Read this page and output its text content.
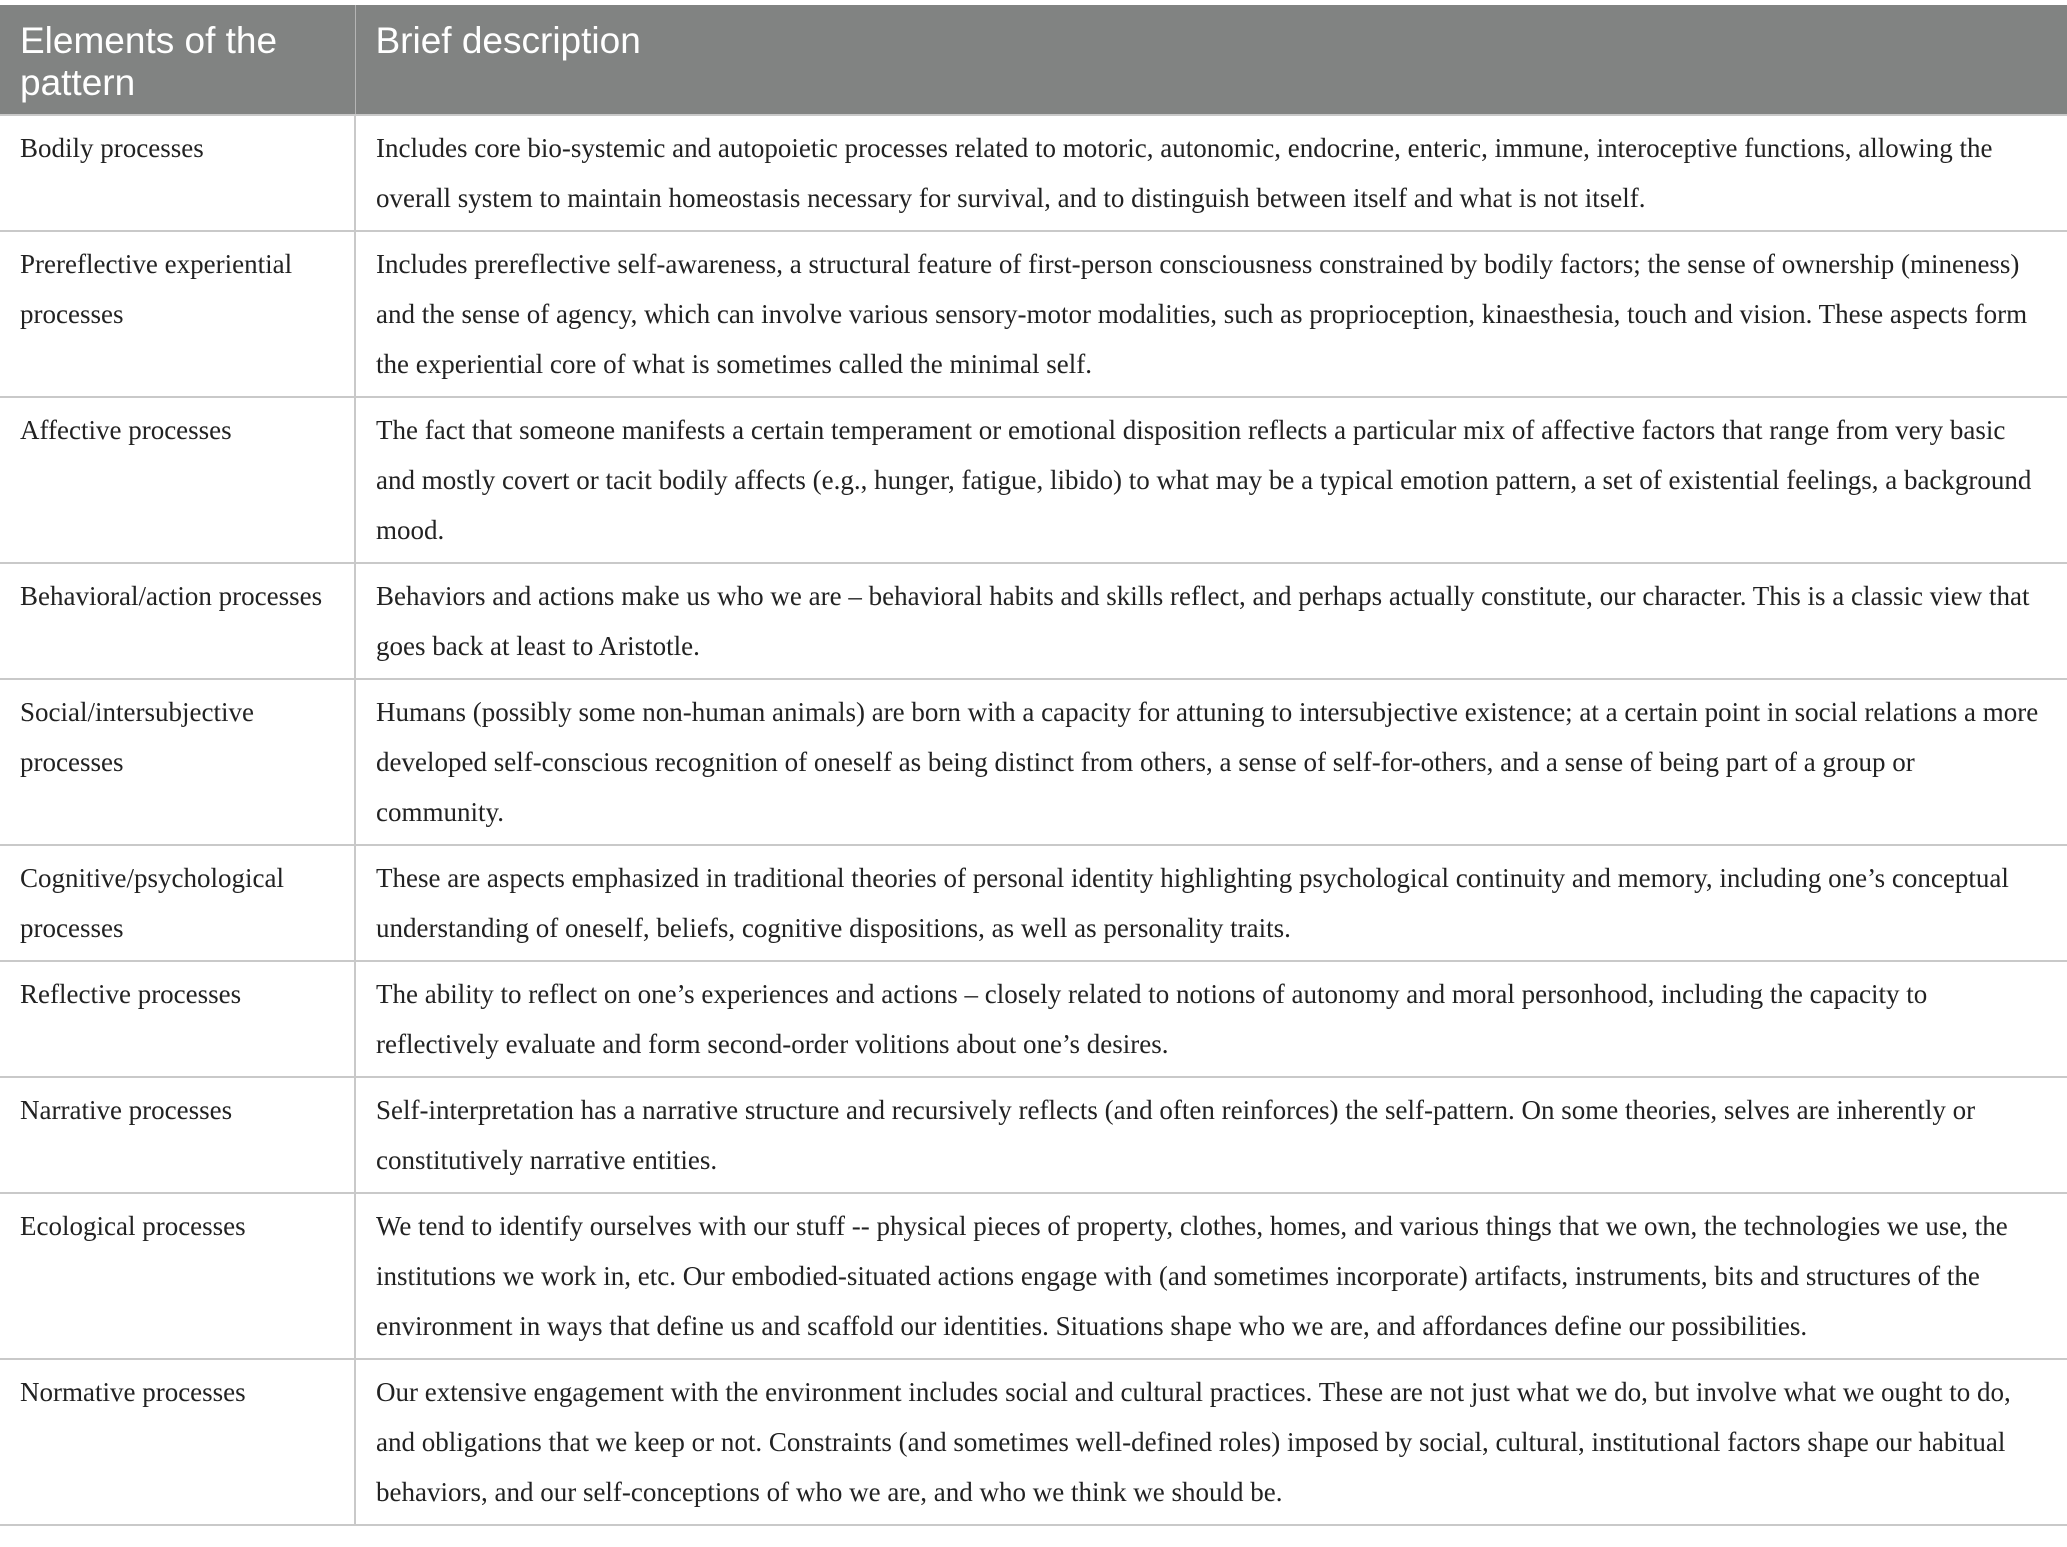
Elements of the pattern	Brief description
Bodily processes	Includes core bio-systemic and autopoietic processes related to motoric, autonomic, endocrine, enteric, immune, interoceptive functions, allowing the overall system to maintain homeostasis necessary for survival, and to distinguish between itself and what is not itself.
Prereflective experiential processes	Includes prereflective self-awareness, a structural feature of first-person consciousness constrained by bodily factors; the sense of ownership (mineness) and the sense of agency, which can involve various sensory-motor modalities, such as proprioception, kinaesthesia, touch and vision. These aspects form the experiential core of what is sometimes called the minimal self.
Affective processes	The fact that someone manifests a certain temperament or emotional disposition reflects a particular mix of affective factors that range from very basic and mostly covert or tacit bodily affects (e.g., hunger, fatigue, libido) to what may be a typical emotion pattern, a set of existential feelings, a background mood.
Behavioral/action processes	Behaviors and actions make us who we are – behavioral habits and skills reflect, and perhaps actually constitute, our character. This is a classic view that goes back at least to Aristotle.
Social/intersubjective processes	Humans (possibly some non-human animals) are born with a capacity for attuning to intersubjective existence; at a certain point in social relations a more developed self-conscious recognition of oneself as being distinct from others, a sense of self-for-others, and a sense of being part of a group or community.
Cognitive/psychological processes	These are aspects emphasized in traditional theories of personal identity highlighting psychological continuity and memory, including one’s conceptual understanding of oneself, beliefs, cognitive dispositions, as well as personality traits.
Reflective processes	The ability to reflect on one’s experiences and actions – closely related to notions of autonomy and moral personhood, including the capacity to reflectively evaluate and form second-order volitions about one’s desires.
Narrative processes	Self-interpretation has a narrative structure and recursively reflects (and often reinforces) the self-pattern. On some theories, selves are inherently or constitutively narrative entities.
Ecological processes	We tend to identify ourselves with our stuff -- physical pieces of property, clothes, homes, and various things that we own, the technologies we use, the institutions we work in, etc. Our embodied-situated actions engage with (and sometimes incorporate) artifacts, instruments, bits and structures of the environment in ways that define us and scaffold our identities. Situations shape who we are, and affordances define our possibilities.
Normative processes	Our extensive engagement with the environment includes social and cultural practices. These are not just what we do, but involve what we ought to do, and obligations that we keep or not. Constraints (and sometimes well-defined roles) imposed by social, cultural, institutional factors shape our habitual behaviors, and our self-conceptions of who we are, and who we think we should be.
